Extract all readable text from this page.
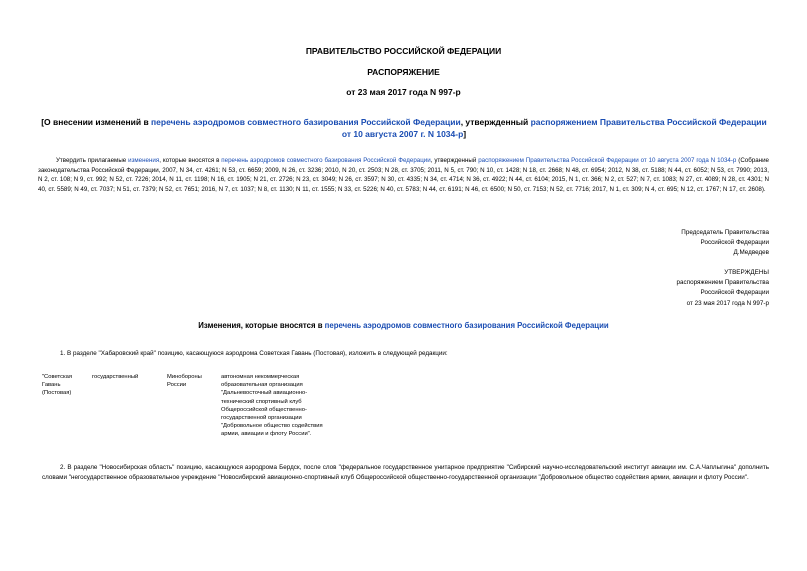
ПРАВИТЕЛЬСТВО РОССИЙСКОЙ ФЕДЕРАЦИИ
РАСПОРЯЖЕНИЕ
от 23 мая 2017 года N 997-р
[О внесении изменений в перечень аэродромов совместного базирования Российской Федерации, утвержденный распоряжением Правительства Российской Федерации от 10 августа 2007 г. N 1034-р]
Утвердить прилагаемые изменения, которые вносятся в перечень аэродромов совместного базирования Российской Федерации, утвержденный распоряжением Правительства Российской Федерации от 10 августа 2007 года N 1034-р (Собрание законодательства Российской Федерации, 2007, N 34, ст. 4261; N 53, ст. 6659; 2009, N 26, ст. 3236; 2010, N 20, ст. 2503; N 28, ст. 3705; 2011, N 5, ст. 790; N 10, ст. 1428; N 18, ст. 2668; N 48, ст. 6954; 2012, N 38, ст. 5188; N 44, ст. 6052; N 53, ст. 7990; 2013, N 2, ст. 108; N 9, ст. 992; N 52, ст. 7226; 2014, N 11, ст. 1198; N 16, ст. 1905; N 21, ст. 2726; N 23, ст. 3049; N 26, ст. 3597; N 30, ст. 4335; N 34, ст. 4714; N 36, ст. 4922; N 44, ст. 6104; 2015, N 1, ст. 366; N 2, ст. 527; N 7, ст. 1083; N 27, ст. 4089; N 28, ст. 4301; N 40, ст. 5589; N 49, ст. 7037; N 51, ст. 7379; N 52, ст. 7651; 2016, N 7, ст. 1037; N 8, ст. 1130; N 11, ст. 1555; N 33, ст. 5226; N 40, ст. 5783; N 44, ст. 6191; N 46, ст. 6500; N 50, ст. 7153; N 52, ст. 7716; 2017, N 1, ст. 309; N 4, ст. 695; N 12, ст. 1767; N 17, ст. 2608).
Председатель Правительства
Российской Федерации
Д.Медведев
УТВЕРЖДЕНЫ
распоряжением Правительства
Российской Федерации
от 23 мая 2017 года N 997-р
Изменения, которые вносятся в перечень аэродромов совместного базирования Российской Федерации
1. В разделе "Хабаровский край" позицию, касающуюся аэродрома Советская Гавань (Постовая), изложить в следующей редакции:
"Советская Гавань (Постовая)
государственный	Минобороны России
автономная некоммерческая образовательная организация "Дальневосточный авиационно-технический спортивный клуб Общероссийской общественно-государственной организации "Добровольное общество содействия армии, авиации и флоту России".
2. В разделе "Новосибирская область" позицию, касающуюся аэродрома Бердск, после слов "федеральное государственное унитарное предприятие "Сибирский научно-исследовательский институт авиации им. С.А.Чаплыгина" дополнить словами "негосударственное образовательное учреждение "Новосибирский авиационно-спортивный клуб Общероссийской общественно-государственной организации "Добровольное общество содействия армии, авиации и флоту России".
